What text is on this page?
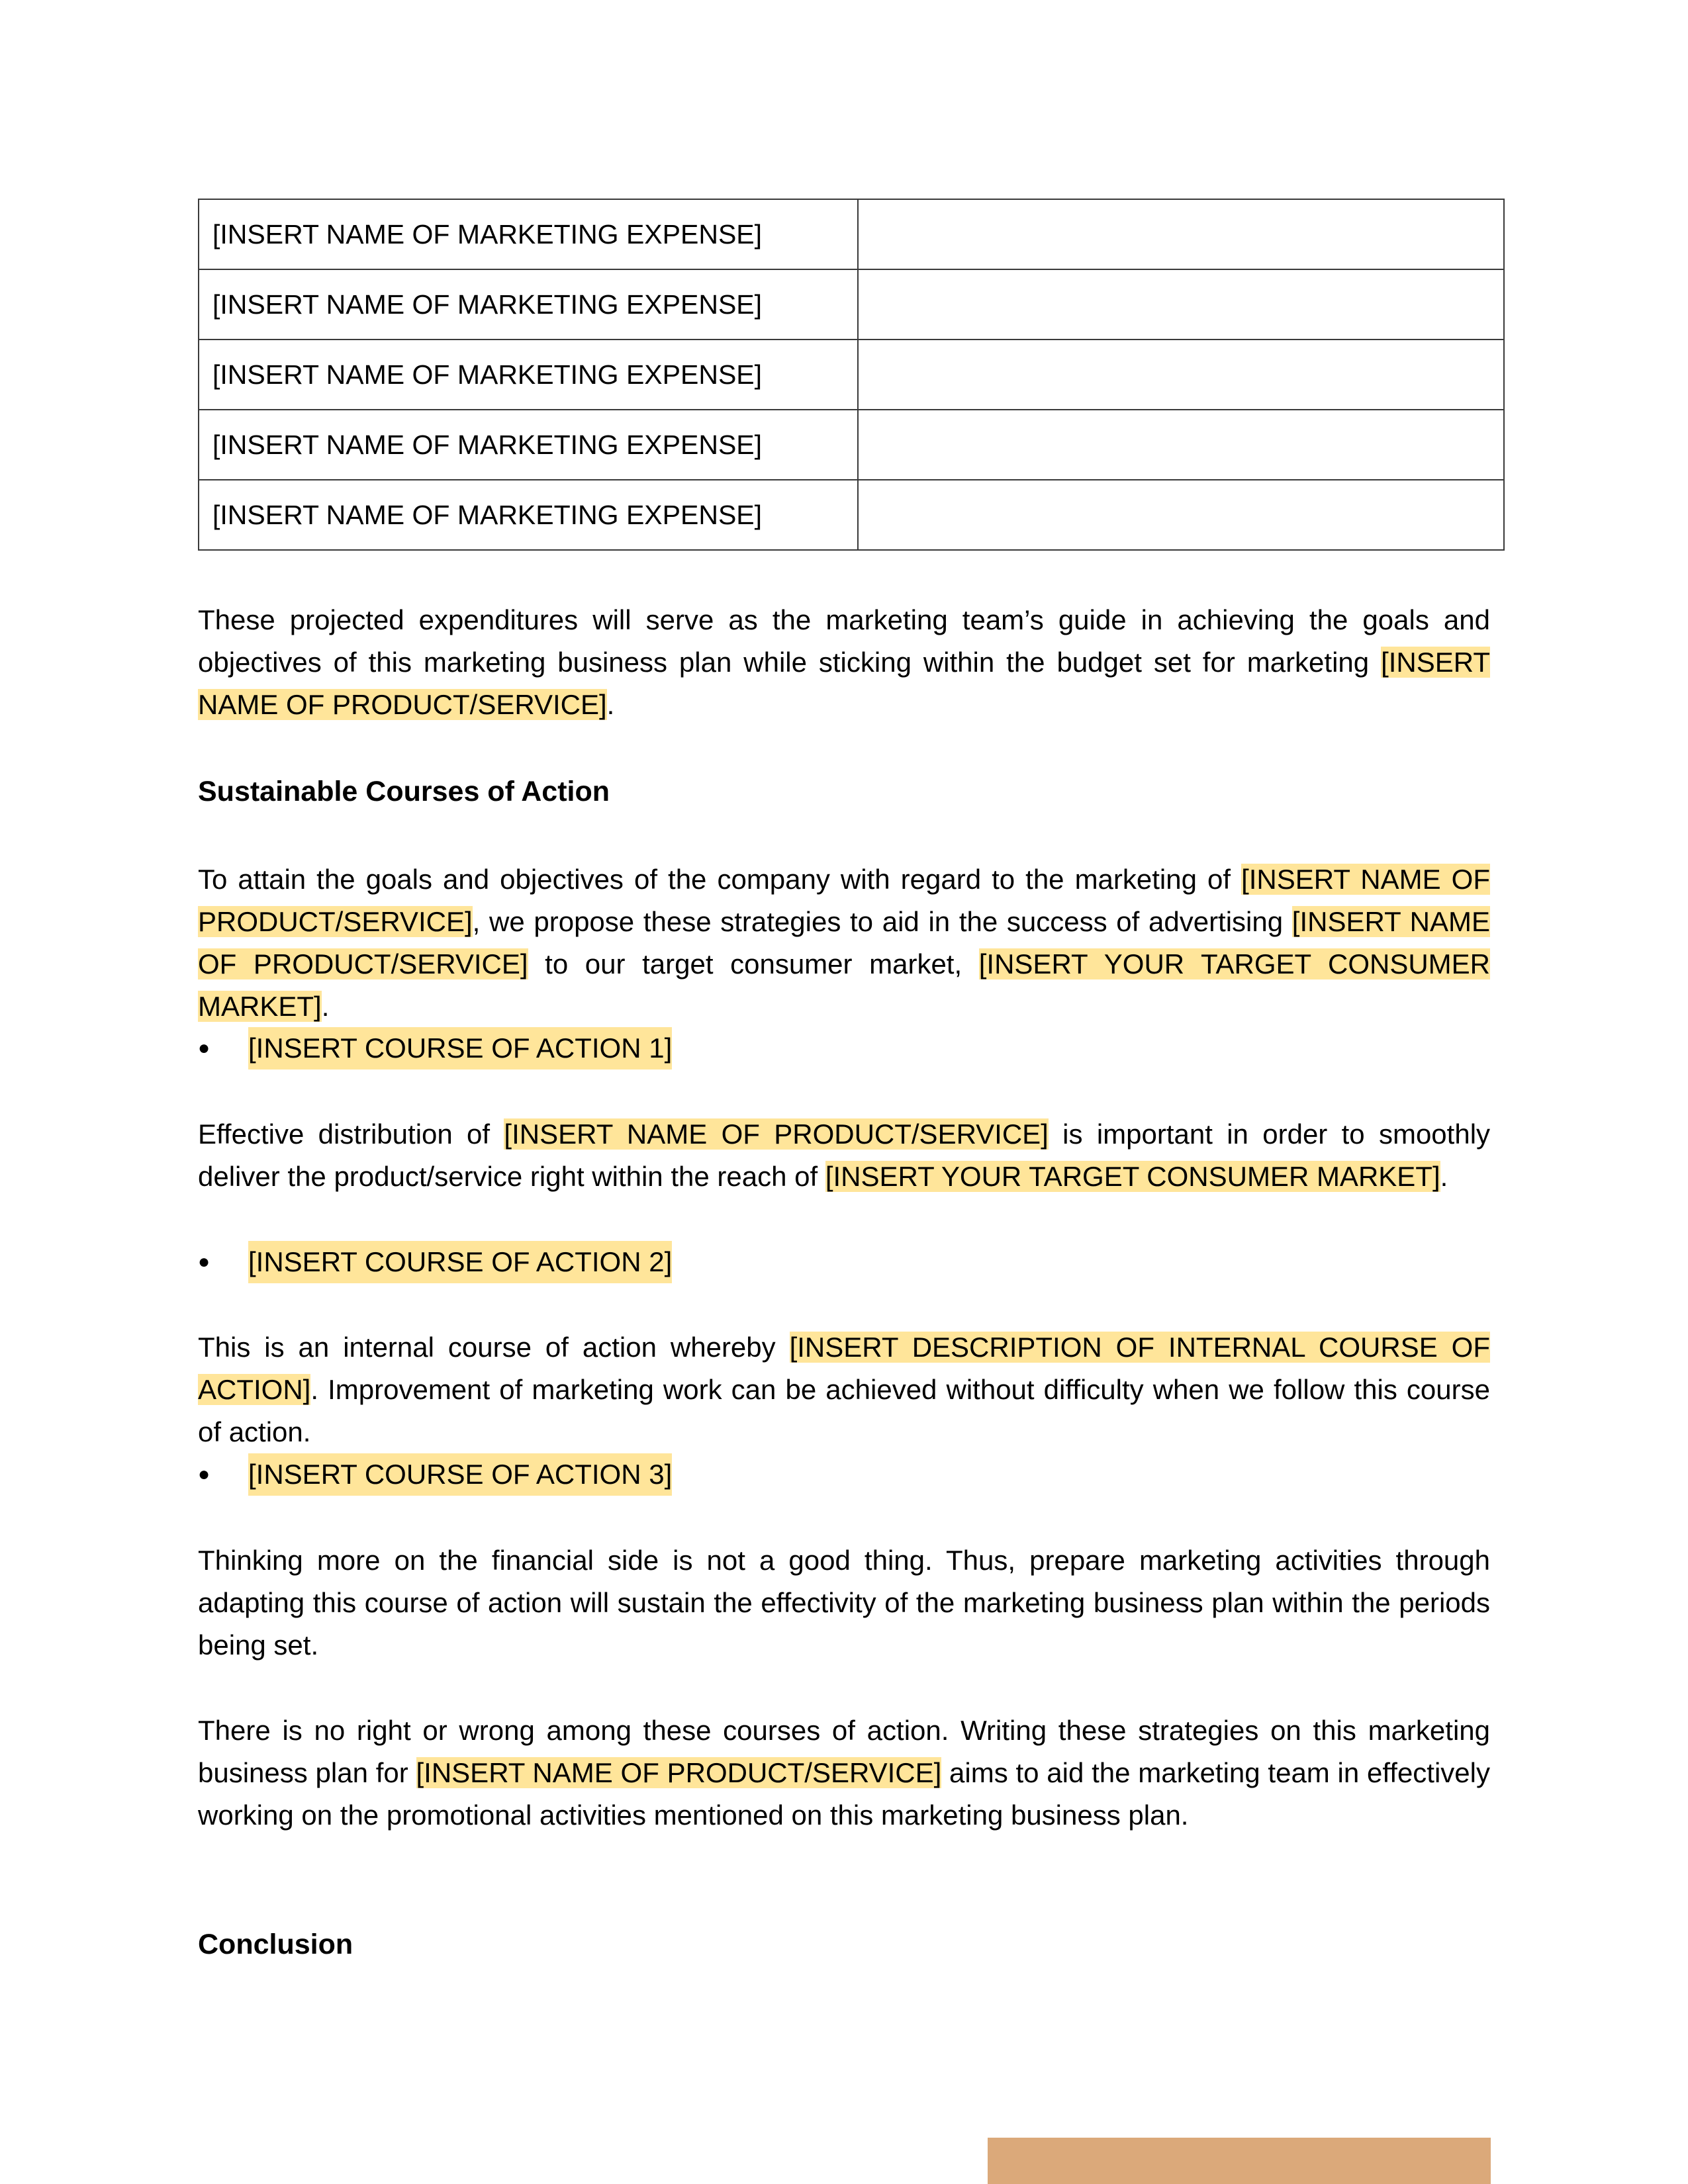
[INSERT NAME OF MARKETING EXPENSE]	
[INSERT NAME OF MARKETING EXPENSE]	
[INSERT NAME OF MARKETING EXPENSE]	
[INSERT NAME OF MARKETING EXPENSE]	
[INSERT NAME OF MARKETING EXPENSE]	

These projected expenditures will serve as the marketing team’s guide in achieving the goals and objectives of this marketing business plan while sticking within the budget set for marketing [INSERT NAME OF PRODUCT/SERVICE].

Sustainable Courses of Action

To attain the goals and objectives of the company with regard to the marketing of [INSERT NAME OF PRODUCT/SERVICE], we propose these strategies to aid in the success of advertising [INSERT NAME OF PRODUCT/SERVICE] to our target consumer market, [INSERT YOUR TARGET CONSUMER MARKET].

●	[INSERT COURSE OF ACTION 1]

Effective distribution of [INSERT NAME OF PRODUCT/SERVICE] is important in order to smoothly deliver the product/service right within the reach of [INSERT YOUR TARGET CONSUMER MARKET].

●	[INSERT COURSE OF ACTION 2]

This is an internal course of action whereby [INSERT DESCRIPTION OF INTERNAL COURSE OF ACTION]. Improvement of marketing work can be achieved without difficulty when we follow this course of action.

●	[INSERT COURSE OF ACTION 3]

Thinking more on the financial side is not a good thing. Thus, prepare marketing activities through adapting this course of action will sustain the effectivity of the marketing business plan within the periods being set.

There is no right or wrong among these courses of action. Writing these strategies on this marketing business plan for [INSERT NAME OF PRODUCT/SERVICE] aims to aid the marketing team in effectively working on the promotional activities mentioned on this marketing business plan.

Conclusion
